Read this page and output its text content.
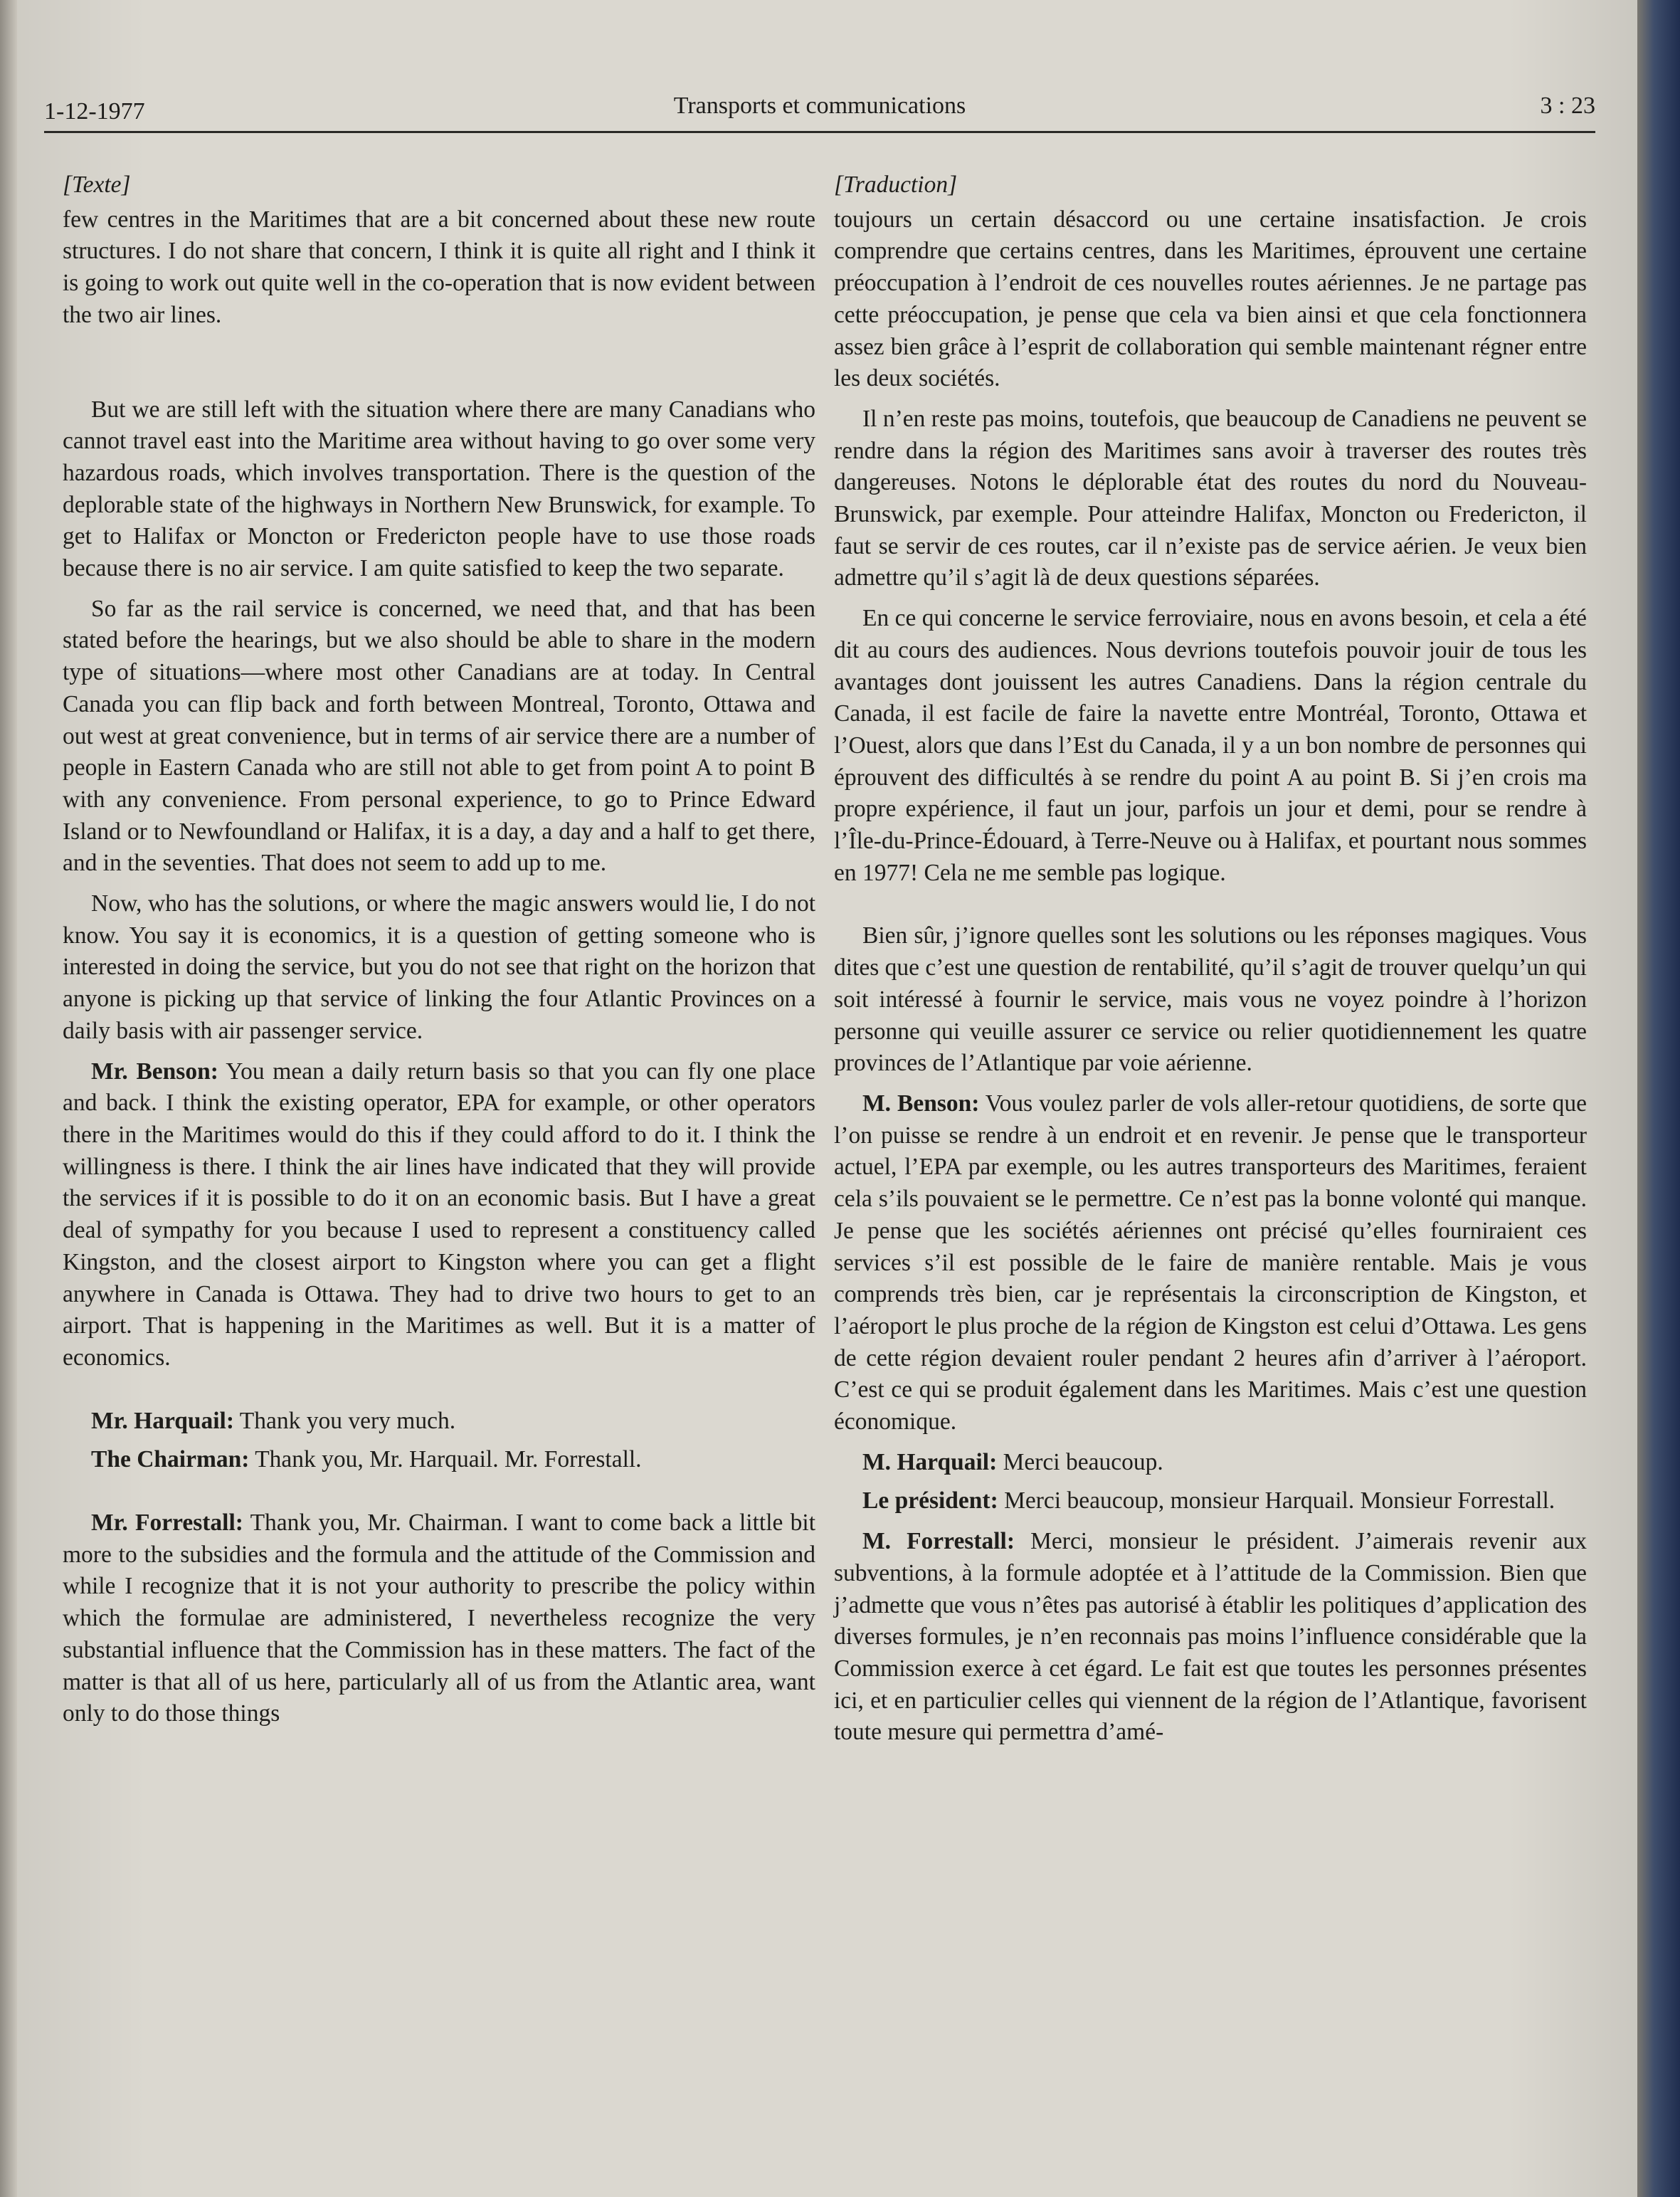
1-12-1977	Transports et communications	3 : 23

[Texte]

few centres in the Maritimes that are a bit concerned about these new route structures. I do not share that concern, I think it is quite all right and I think it is going to work out quite well in the co-operation that is now evident between the two air lines.

But we are still left with the situation where there are many Canadians who cannot travel east into the Maritime area without having to go over some very hazardous roads, which involves transportation. There is the question of the deplorable state of the highways in Northern New Brunswick, for example. To get to Halifax or Moncton or Fredericton people have to use those roads because there is no air service. I am quite satisfied to keep the two separate.

So far as the rail service is concerned, we need that, and that has been stated before the hearings, but we also should be able to share in the modern type of situations—where most other Canadians are at today. In Central Canada you can flip back and forth between Montreal, Toronto, Ottawa and out west at great convenience, but in terms of air service there are a number of people in Eastern Canada who are still not able to get from point A to point B with any convenience. From personal experience, to go to Prince Edward Island or to Newfoundland or Halifax, it is a day, a day and a half to get there, and in the seventies. That does not seem to add up to me.

Now, who has the solutions, or where the magic answers would lie, I do not know. You say it is economics, it is a question of getting someone who is interested in doing the service, but you do not see that right on the horizon that anyone is picking up that service of linking the four Atlantic Provinces on a daily basis with air passenger service.

Mr. Benson: You mean a daily return basis so that you can fly one place and back. I think the existing operator, EPA for example, or other operators there in the Maritimes would do this if they could afford to do it. I think the willingness is there. I think the air lines have indicated that they will provide the services if it is possible to do it on an economic basis. But I have a great deal of sympathy for you because I used to represent a constituency called Kingston, and the closest airport to Kingston where you can get a flight anywhere in Canada is Ottawa. They had to drive two hours to get to an airport. That is happening in the Maritimes as well. But it is a matter of economics.

Mr. Harquail: Thank you very much.

The Chairman: Thank you, Mr. Harquail. Mr. Forrestall.

Mr. Forrestall: Thank you, Mr. Chairman. I want to come back a little bit more to the subsidies and the formula and the attitude of the Commission and while I recognize that it is not your authority to prescribe the policy within which the formulae are administered, I nevertheless recognize the very substantial influence that the Commission has in these matters. The fact of the matter is that all of us here, particularly all of us from the Atlantic area, want only to do those things

[Traduction]

toujours un certain désaccord ou une certaine insatisfaction. Je crois comprendre que certains centres, dans les Maritimes, éprouvent une certaine préoccupation à l’endroit de ces nouvelles routes aériennes. Je ne partage pas cette préoccupation, je pense que cela va bien ainsi et que cela fonctionnera assez bien grâce à l’esprit de collaboration qui semble maintenant régner entre les deux sociétés.

Il n’en reste pas moins, toutefois, que beaucoup de Canadiens ne peuvent se rendre dans la région des Maritimes sans avoir à traverser des routes très dangereuses. Notons le déplorable état des routes du nord du Nouveau-Brunswick, par exemple. Pour atteindre Halifax, Moncton ou Fredericton, il faut se servir de ces routes, car il n’existe pas de service aérien. Je veux bien admettre qu’il s’agit là de deux questions séparées.

En ce qui concerne le service ferroviaire, nous en avons besoin, et cela a été dit au cours des audiences. Nous devrions toutefois pouvoir jouir de tous les avantages dont jouissent les autres Canadiens. Dans la région centrale du Canada, il est facile de faire la navette entre Montréal, Toronto, Ottawa et l’Ouest, alors que dans l’Est du Canada, il y a un bon nombre de personnes qui éprouvent des difficultés à se rendre du point A au point B. Si j’en crois ma propre expérience, il faut un jour, parfois un jour et demi, pour se rendre à l’Île-du-Prince-Édouard, à Terre-Neuve ou à Halifax, et pourtant nous sommes en 1977! Cela ne me semble pas logique.

Bien sûr, j’ignore quelles sont les solutions ou les réponses magiques. Vous dites que c’est une question de rentabilité, qu’il s’agit de trouver quelqu’un qui soit intéressé à fournir le service, mais vous ne voyez poindre à l’horizon personne qui veuille assurer ce service ou relier quotidiennement les quatre provinces de l’Atlantique par voie aérienne.

M. Benson: Vous voulez parler de vols aller-retour quotidiens, de sorte que l’on puisse se rendre à un endroit et en revenir. Je pense que le transporteur actuel, l’EPA par exemple, ou les autres transporteurs des Maritimes, feraient cela s’ils pouvaient se le permettre. Ce n’est pas la bonne volonté qui manque. Je pense que les sociétés aériennes ont précisé qu’elles fourniraient ces services s’il est possible de le faire de manière rentable. Mais je vous comprends très bien, car je représentais la circonscription de Kingston, et l’aéroport le plus proche de la région de Kingston est celui d’Ottawa. Les gens de cette région devaient rouler pendant 2 heures afin d’arriver à l’aéroport. C’est ce qui se produit également dans les Maritimes. Mais c’est une question économique.

M. Harquail: Merci beaucoup.

Le président: Merci beaucoup, monsieur Harquail. Monsieur Forrestall.

M. Forrestall: Merci, monsieur le président. J’aimerais revenir aux subventions, à la formule adoptée et à l’attitude de la Commission. Bien que j’admette que vous n’êtes pas autorisé à établir les politiques d’application des diverses formules, je n’en reconnais pas moins l’influence considérable que la Commission exerce à cet égard. Le fait est que toutes les personnes présentes ici, et en particulier celles qui viennent de la région de l’Atlantique, favorisent toute mesure qui permettra d’amé-
